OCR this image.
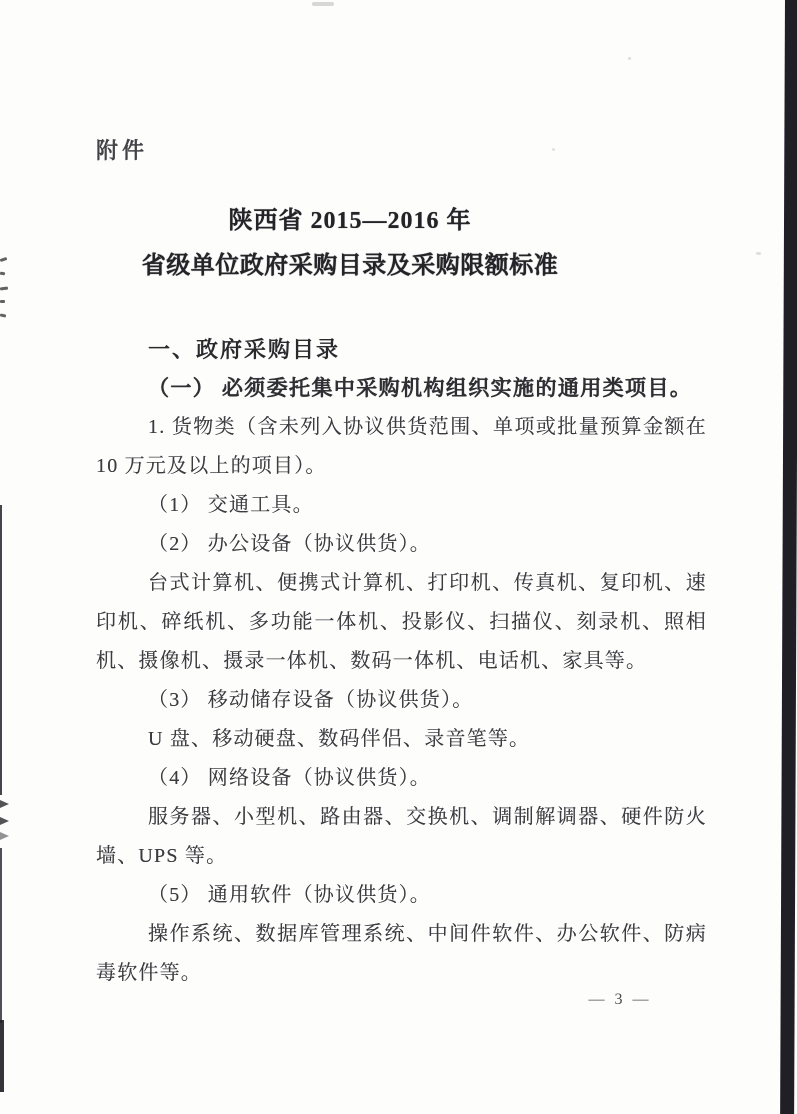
附件
陕西省 2015—2016 年
省级单位政府采购目录及采购限额标准

一、政府采购目录

（一） 必须委托集中采购机构组织实施的通用类项目。

1. 货物类（含未列入协议供货范围、单项或批量预算金额在 10 万元及以上的项目）。

（1） 交通工具。

（2） 办公设备（协议供货）。

台式计算机、便携式计算机、打印机、传真机、复印机、速印机、碎纸机、多功能一体机、投影仪、扫描仪、刻录机、照相机、摄像机、摄录一体机、数码一体机、电话机、家具等。

（3） 移动储存设备（协议供货）。

U 盘、移动硬盘、数码伴侣、录音笔等。

（4） 网络设备（协议供货）。

服务器、小型机、路由器、交换机、调制解调器、硬件防火墙、UPS 等。

（5） 通用软件（协议供货）。

操作系统、数据库管理系统、中间件软件、办公软件、防病毒软件等。

— 3 —
